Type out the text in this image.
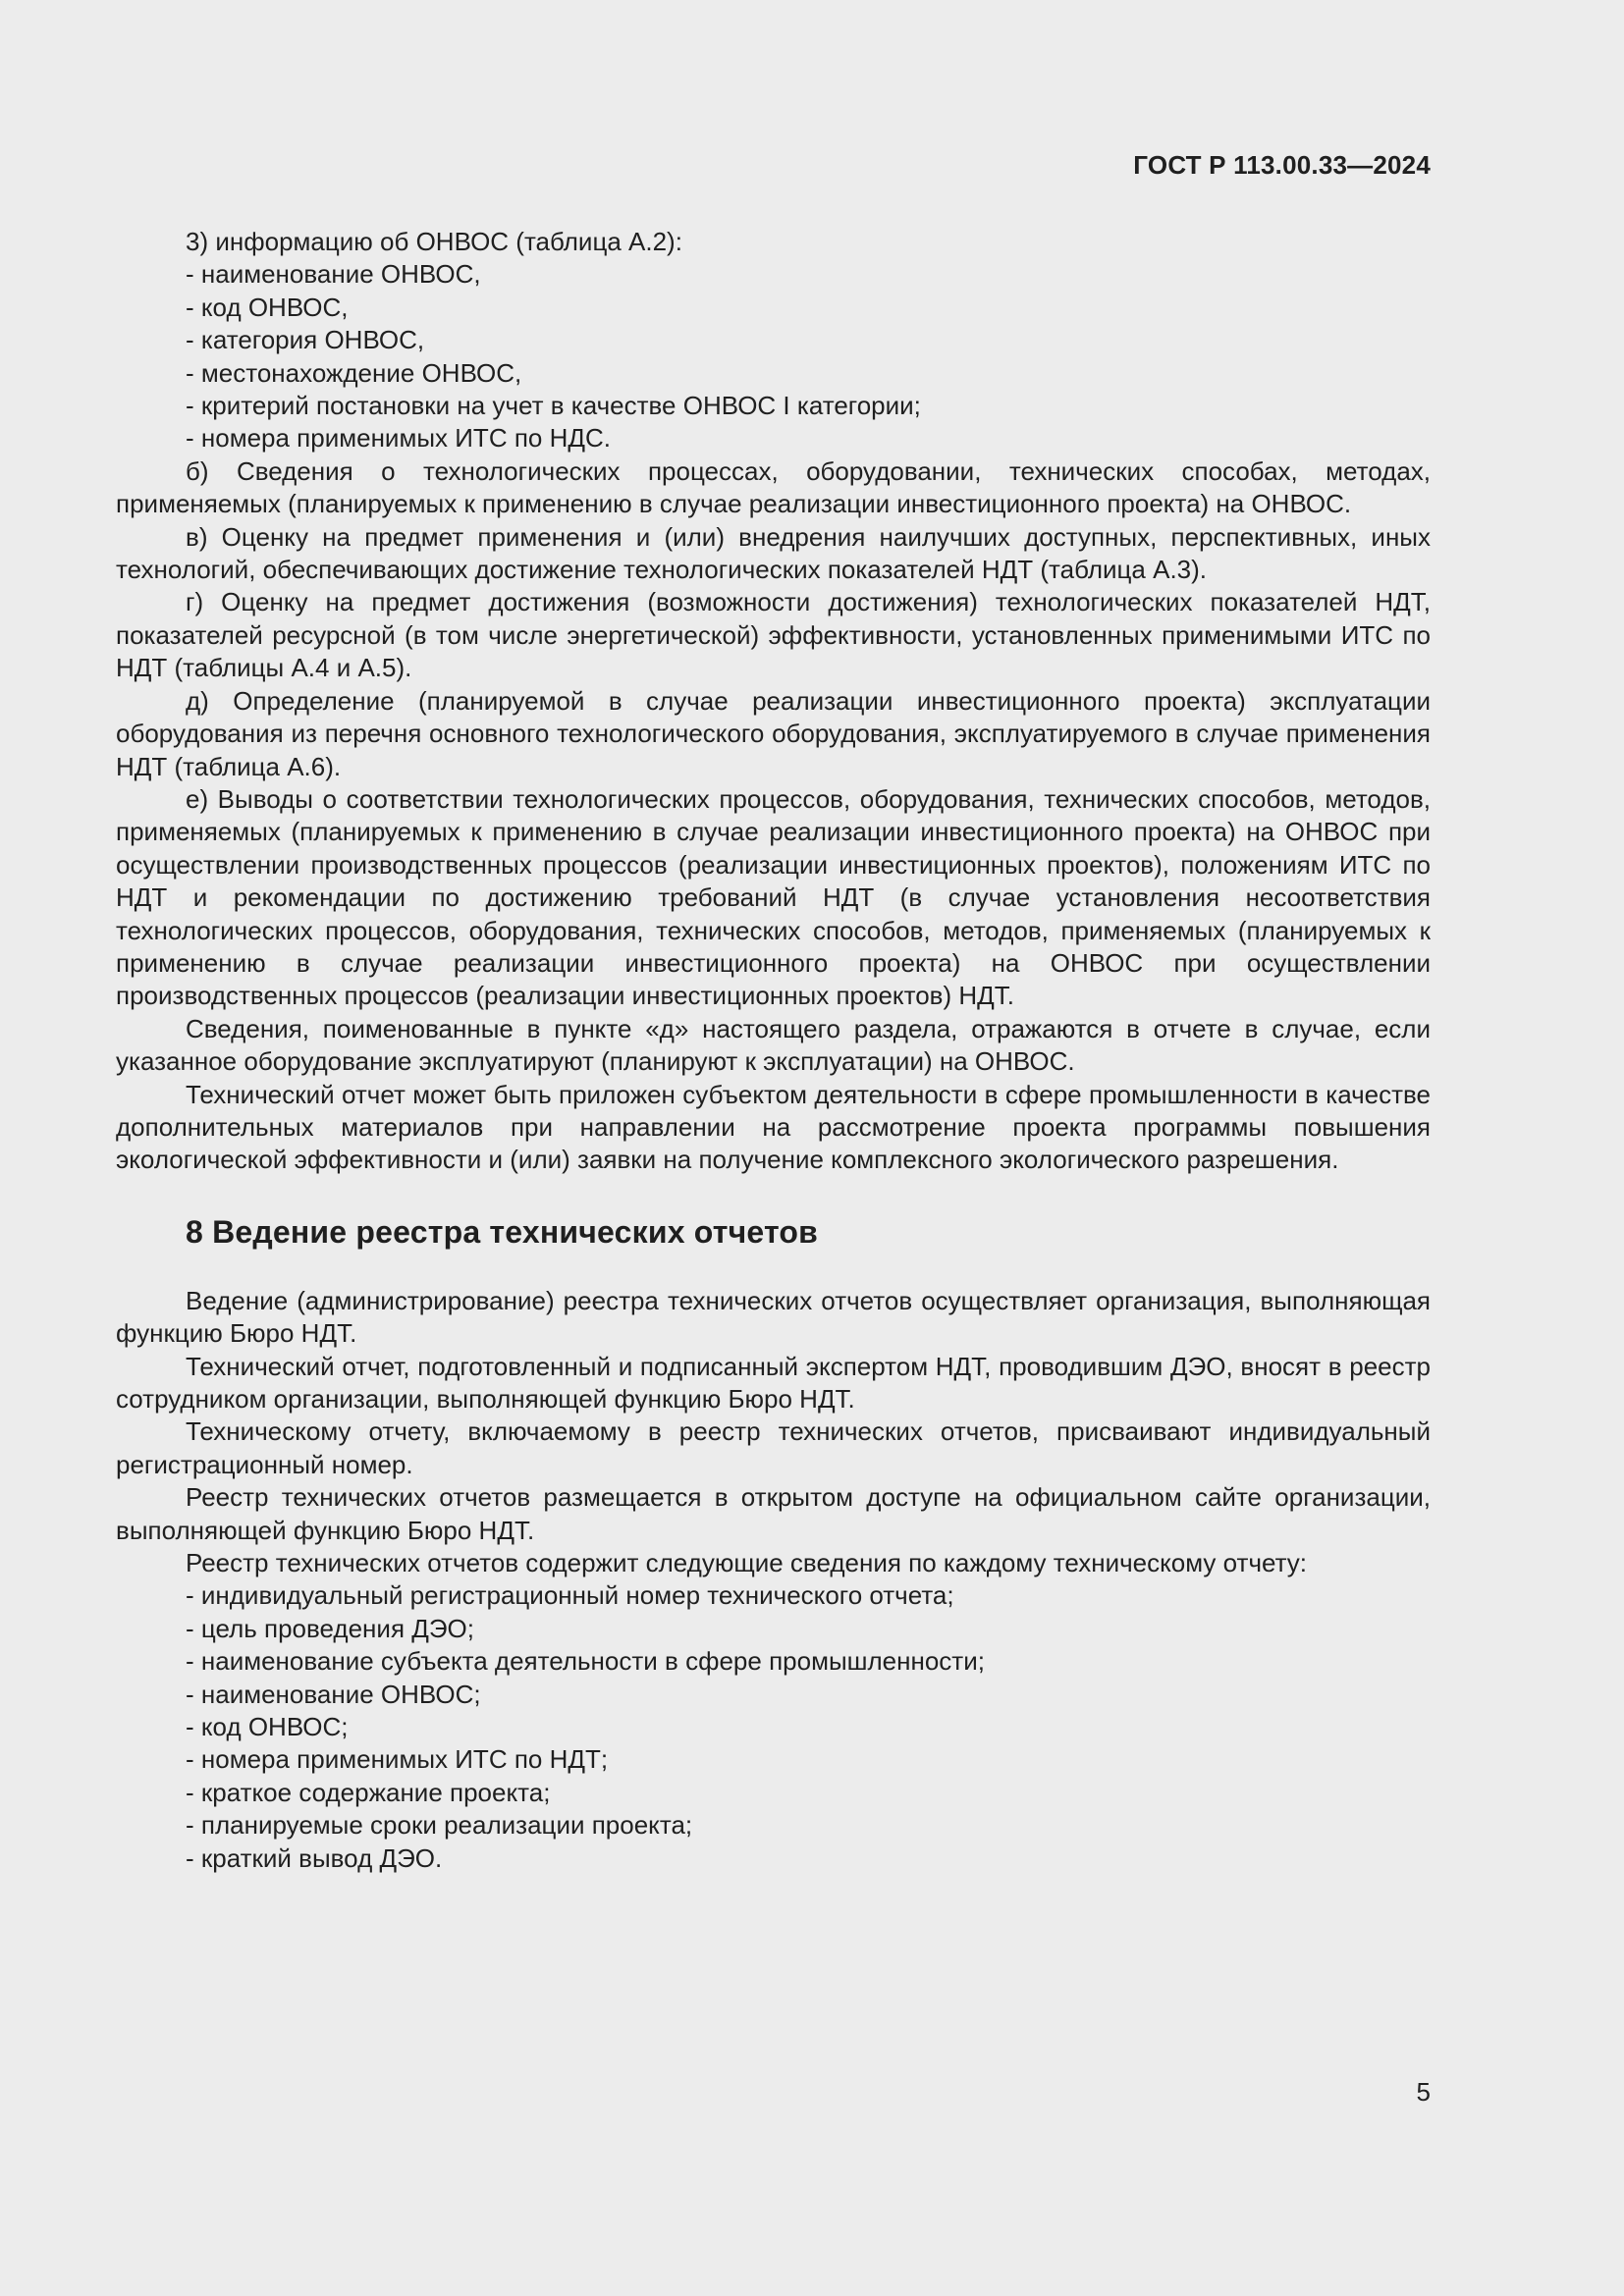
ГОСТ Р 113.00.33—2024

3) информацию об ОНВОС (таблица А.2):

- наименование ОНВОС,
- код ОНВОС,
- категория ОНВОС,
- местонахождение ОНВОС,
- критерий постановки на учет в качестве ОНВОС I категории;
- номера применимых ИТС по НДС.

б) Сведения о технологических процессах, оборудовании, технических способах, методах, применяемых (планируемых к применению в случае реализации инвестиционного проекта) на ОНВОС.

в) Оценку на предмет применения и (или) внедрения наилучших доступных, перспективных, иных технологий, обеспечивающих достижение технологических показателей НДТ (таблица А.3).

г) Оценку на предмет достижения (возможности достижения) технологических показателей НДТ, показателей ресурсной (в том числе энергетической) эффективности, установленных применимыми ИТС по НДТ (таблицы А.4 и А.5).

д) Определение (планируемой в случае реализации инвестиционного проекта) эксплуатации оборудования из перечня основного технологического оборудования, эксплуатируемого в случае применения НДТ (таблица А.6).

е) Выводы о соответствии технологических процессов, оборудования, технических способов, методов, применяемых (планируемых к применению в случае реализации инвестиционного проекта) на ОНВОС при осуществлении производственных процессов (реализации инвестиционных проектов), положениям ИТС по НДТ и рекомендации по достижению требований НДТ (в случае установления несоответствия технологических процессов, оборудования, технических способов, методов, применяемых (планируемых к применению в случае реализации инвестиционного проекта) на ОНВОС при осуществлении производственных процессов (реализации инвестиционных проектов) НДТ.

Сведения, поименованные в пункте «д» настоящего раздела, отражаются в отчете в случае, если указанное оборудование эксплуатируют (планируют к эксплуатации) на ОНВОС.

Технический отчет может быть приложен субъектом деятельности в сфере промышленности в качестве дополнительных материалов при направлении на рассмотрение проекта программы повышения экологической эффективности и (или) заявки на получение комплексного экологического разрешения.

8 Ведение реестра технических отчетов

Ведение (администрирование) реестра технических отчетов осуществляет организация, выполняющая функцию Бюро НДТ.

Технический отчет, подготовленный и подписанный экспертом НДТ, проводившим ДЭО, вносят в реестр сотрудником организации, выполняющей функцию Бюро НДТ.

Техническому отчету, включаемому в реестр технических отчетов, присваивают индивидуальный регистрационный номер.

Реестр технических отчетов размещается в открытом доступе на официальном сайте организации, выполняющей функцию Бюро НДТ.

Реестр технических отчетов содержит следующие сведения по каждому техническому отчету:

- индивидуальный регистрационный номер технического отчета;
- цель проведения ДЭО;
- наименование субъекта деятельности в сфере промышленности;
- наименование ОНВОС;
- код ОНВОС;
- номера применимых ИТС по НДТ;
- краткое содержание проекта;
- планируемые сроки реализации проекта;
- краткий вывод ДЭО.
5
